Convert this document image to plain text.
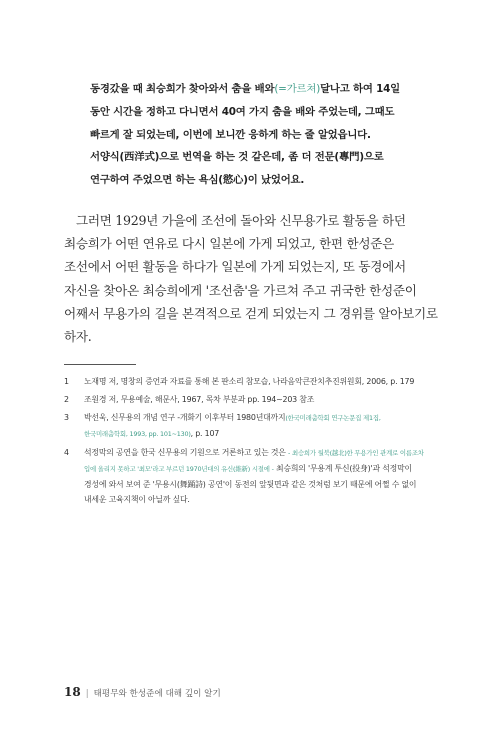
동경갔을 때 최승희가 찾아와서 춤을 배와(=가르쳐)달나고 하여 14일
동안 시간을 정하고 다니면서 40여 가지 춤을 배와 주었는데, 그때도
빠르게 잘 되었는데, 이번에 보니깐 응하게 하는 줄 알었읍니다.
서양식(西洋式)으로 번역을 하는 것 같은데, 좀 더 전문(專門)으로
연구하여 주었으면 하는 욕심(慾心)이 났었어요.
그러면 1929년 가을에 조선에 돌아와 신무용가로 활동을 하던
최승희가 어떤 연유로 다시 일본에 가게 되었고, 한편 한성준은
조선에서 어떤 활동을 하다가 일본에 가게 되었는지, 또 동경에서
자신을 찾아온 최승희에게 '조선춤'을 가르쳐 주고 귀국한 한성준이
어째서 무용가의 길을 본격적으로 걷게 되었는지 그 경위를 알아보기로
하자.
1 노재명 저, 명창의 증언과 자료를 통해 본 판소리 참모습, 나라음악큰잔치추진위원회, 2006, p. 179
2 조원경 저, 무용예술, 해문사, 1967, 목차 부분과 pp. 194~203 참조
3 박선욱, 신무용의 개념 연구 -개화기 이후부터 1980년대까지(한국미래춤학회 연구논문집 제1집,
한국미래춤학회, 1993, pp. 101~130), p. 107
4 석정막의 공연을 한국 신무용의 기원으로 거론하고 있는 것은 - 최승희가 월북(越北)한 무용가인 관계로 이름조차
입에 올리지 못하고 '최모'라고 부르던 1970년대의 유신(維新) 시절에 - 최승희의 '무용계 투신(投身)'과 석정막이
경성에 와서 보여 준 '무용시(舞踊詩) 공연'이 동전의 앞뒷면과 같은 것처럼 보기 때문에 어쩔 수 없이
내세운 고육지책이 아닐까 싶다.
18 | 태평무와 한성준에 대해 깊이 알기
